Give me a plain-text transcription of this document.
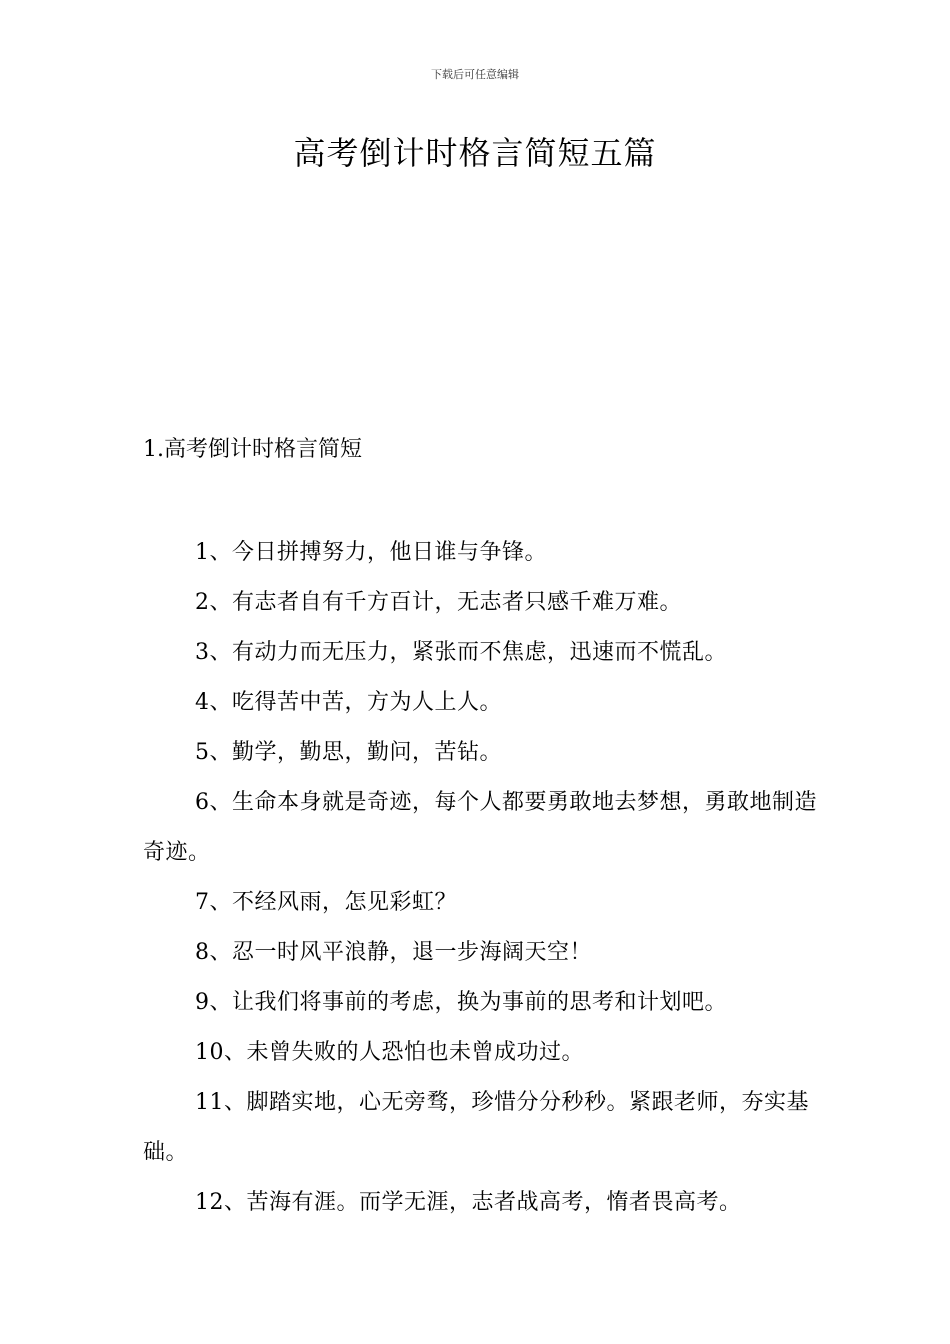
下载后可任意编辑
高考倒计时格言简短五篇
1.高考倒计时格言简短

1、今日拼搏努力，他日谁与争锋。

2、有志者自有千方百计，无志者只感千难万难。

3、有动力而无压力，紧张而不焦虑，迅速而不慌乱。

4、吃得苦中苦，方为人上人。

5、勤学，勤思，勤问，苦钻。

6、生命本身就是奇迹，每个人都要勇敢地去梦想，勇敢地制造奇迹。

7、不经风雨，怎见彩虹？

8、忍一时风平浪静，退一步海阔天空！

9、让我们将事前的考虑，换为事前的思考和计划吧。

10、未曾失败的人恐怕也未曾成功过。

11、脚踏实地，心无旁骛，珍惜分分秒秒。紧跟老师，夯实基础。

12、苦海有涯。而学无涯，志者战高考，惰者畏高考。
